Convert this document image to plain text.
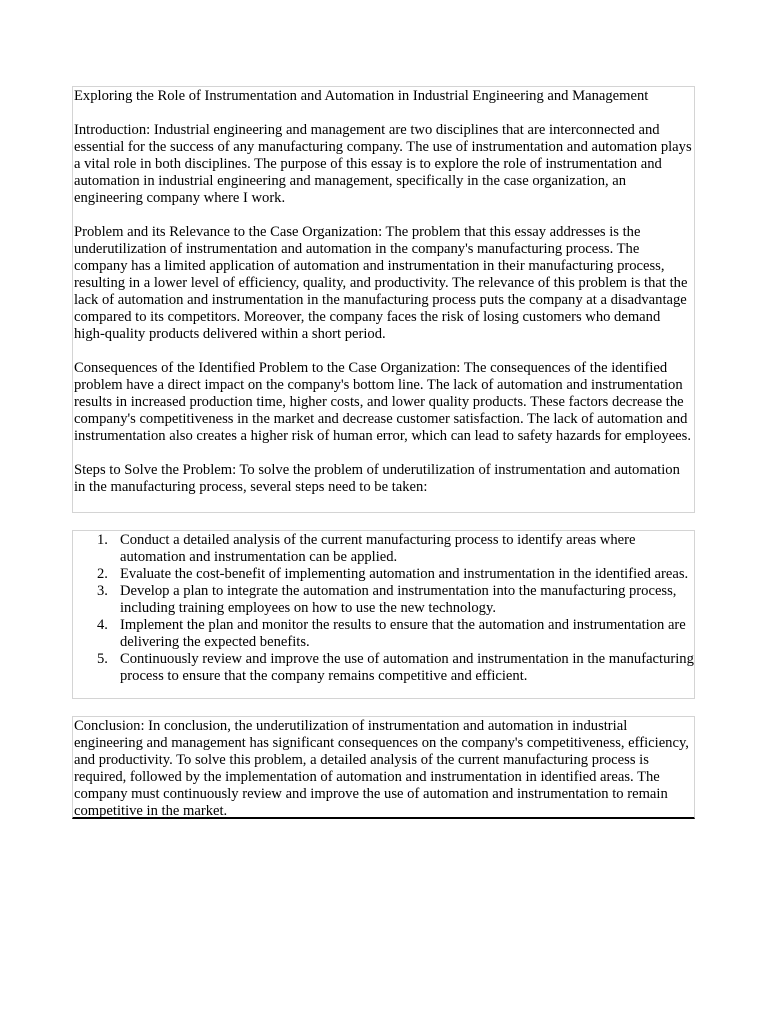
Exploring the Role of Instrumentation and Automation in Industrial Engineering and Management

Introduction: Industrial engineering and management are two disciplines that are interconnected and essential for the success of any manufacturing company. The use of instrumentation and automation plays a vital role in both disciplines. The purpose of this essay is to explore the role of instrumentation and automation in industrial engineering and management, specifically in the case organization, an engineering company where I work.

Problem and its Relevance to the Case Organization: The problem that this essay addresses is the underutilization of instrumentation and automation in the company's manufacturing process. The company has a limited application of automation and instrumentation in their manufacturing process, resulting in a lower level of efficiency, quality, and productivity. The relevance of this problem is that the lack of automation and instrumentation in the manufacturing process puts the company at a disadvantage compared to its competitors. Moreover, the company faces the risk of losing customers who demand high-quality products delivered within a short period.

Consequences of the Identified Problem to the Case Organization: The consequences of the identified problem have a direct impact on the company's bottom line. The lack of automation and instrumentation results in increased production time, higher costs, and lower quality products. These factors decrease the company's competitiveness in the market and decrease customer satisfaction. The lack of automation and instrumentation also creates a higher risk of human error, which can lead to safety hazards for employees.

Steps to Solve the Problem: To solve the problem of underutilization of instrumentation and automation in the manufacturing process, several steps need to be taken:

Conduct a detailed analysis of the current manufacturing process to identify areas where automation and instrumentation can be applied.
Evaluate the cost-benefit of implementing automation and instrumentation in the identified areas.
Develop a plan to integrate the automation and instrumentation into the manufacturing process, including training employees on how to use the new technology.
Implement the plan and monitor the results to ensure that the automation and instrumentation are delivering the expected benefits.
Continuously review and improve the use of automation and instrumentation in the manufacturing process to ensure that the company remains competitive and efficient.

Conclusion: In conclusion, the underutilization of instrumentation and automation in industrial engineering and management has significant consequences on the company's competitiveness, efficiency, and productivity. To solve this problem, a detailed analysis of the current manufacturing process is required, followed by the implementation of automation and instrumentation in identified areas. The company must continuously review and improve the use of automation and instrumentation to remain competitive in the market.
